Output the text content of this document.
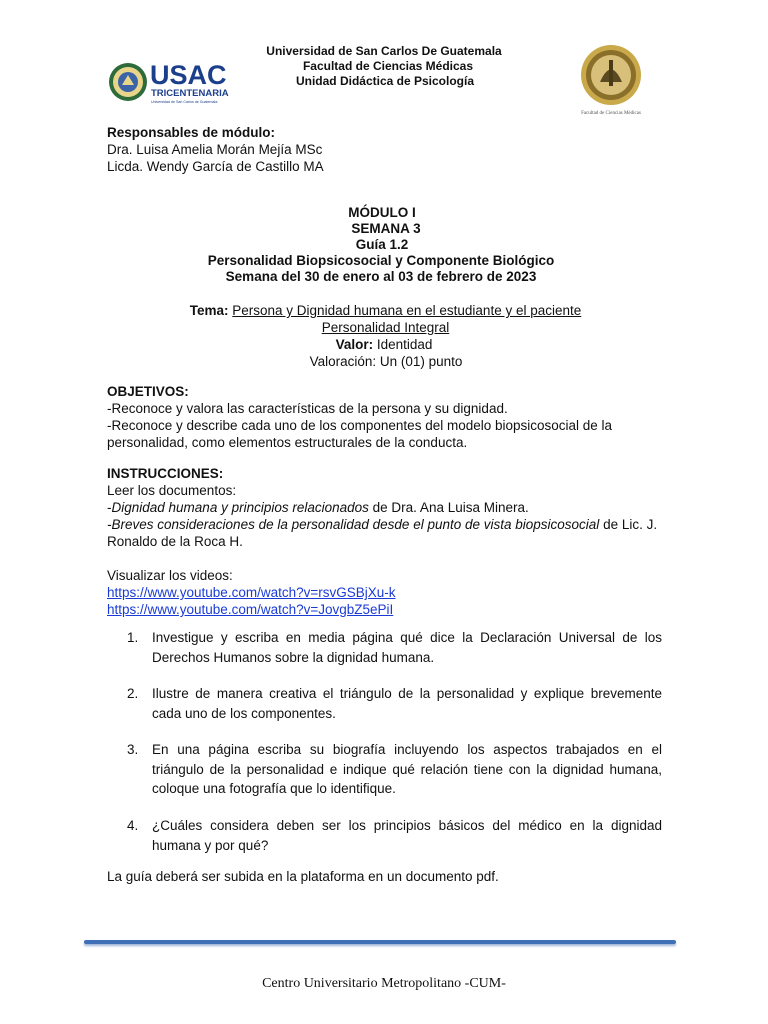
Universidad de San Carlos De Guatemala
Facultad de Ciencias Médicas
Unidad Didáctica de Psicología
USAC
TRICENTENARIA
Universidad de San Carlos de Guatemala
Facultad de Ciencias Médicas
Responsables de módulo:
Dra. Luisa Amelia Morán Mejía MSc
Licda. Wendy García de Castillo MA
MÓDULO I
SEMANA 3
Guía 1.2
Personalidad Biopsicosocial y Componente Biológico
Semana del 30 de enero al 03 de febrero de 2023
Tema: Persona y Dignidad humana en el estudiante y el paciente
Personalidad Integral
Valor: Identidad
Valoración: Un (01) punto
OBJETIVOS:
-Reconoce y valora las características de la persona y su dignidad.
-Reconoce y describe cada uno de los componentes del modelo biopsicosocial de la personalidad, como elementos estructurales de la conducta.
INSTRUCCIONES:
Leer los documentos:
-Dignidad humana y principios relacionados de Dra. Ana Luisa Minera.
-Breves consideraciones de la personalidad desde el punto de vista biopsicosocial de Lic. J. Ronaldo de la Roca H.
Visualizar los videos:
https://www.youtube.com/watch?v=rsvGSBjXu-k
https://www.youtube.com/watch?v=JovgbZ5ePiI
1.	Investigue y escriba en media página qué dice la Declaración Universal de los Derechos Humanos sobre la dignidad humana.
2.	Ilustre de manera creativa el triángulo de la personalidad y explique brevemente cada uno de los componentes.
3.	En una página escriba su biografía incluyendo los aspectos trabajados en el triángulo de la personalidad e indique qué relación tiene con la dignidad humana, coloque una fotografía que lo identifique.
4.	¿Cuáles considera deben ser los principios básicos del médico en la dignidad humana y por qué?
La guía deberá ser subida en la plataforma en un documento pdf.
Centro Universitario Metropolitano -CUM-
